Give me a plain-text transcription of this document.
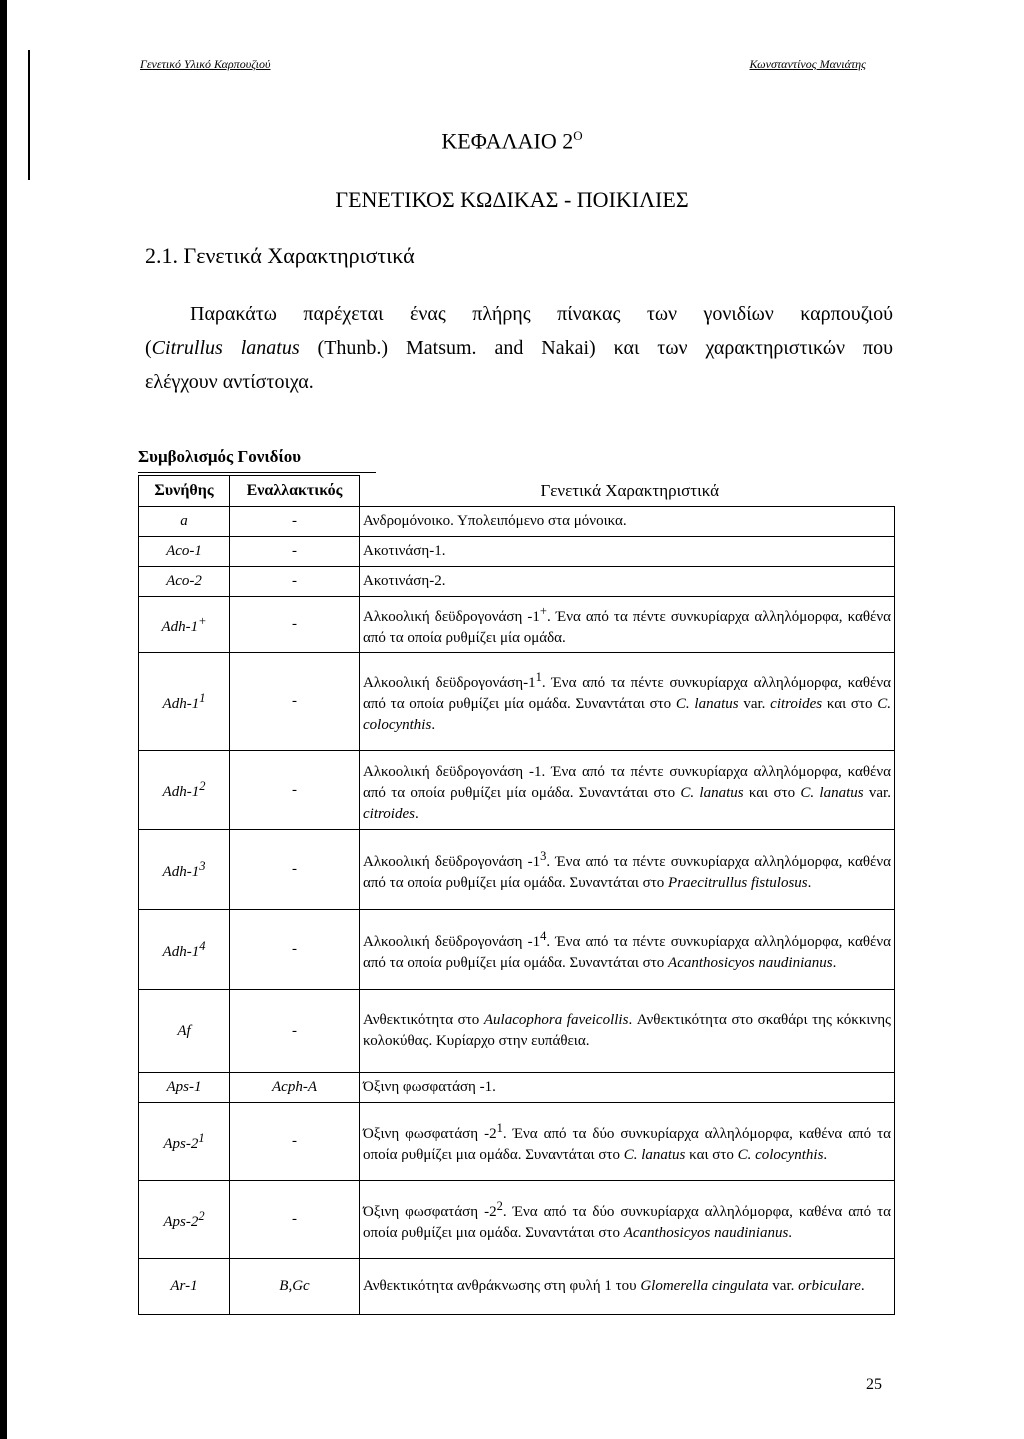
Γενετικό Υλικό Καρπουζιού	Κωνσταντίνος Μανιάτης
ΚΕΦΑΛΑΙΟ $2^O$
ΓΕΝΕΤΙΚΟΣ ΚΩΔΙΚΑΣ - ΠΟΙΚΙΛΙΕΣ
2.1. Γενετικά Χαρακτηριστικά

Παρακάτω παρέχεται ένας πλήρης πίνακας των γονιδίων καρπουζιού

(Citrullus lanatus (Thunb.) Matsum. and Nakai) και των χαρακτηριστικών που

ελέγχουν αντίστοιχα.

Συμβολισμός Γονιδίου
Συνήθης	Εναλλακτικός	Γενετικά Χαρακτηριστικά
a	-	Ανδρομόνοικο. Υπολειπόμενο στα μόνοικα.
Aco-1	-	Ακοτινάση-1.
Aco-2	-	Ακοτινάση-2.
Adh-1+	-	Αλκοολική δεϋδρογονάση -1+. Ένα από τα πέντε συνκυρίαρχα αλληλόμορφα, καθένα από τα οποία ρυθμίζει μία ομάδα.
Adh-$1^1$	-	Αλκοολική δεϋδρογονάση-$1^1$. Ένα από τα πέντε συνκυρίαρχα αλληλόμορφα, καθένα από τα οποία ρυθμίζει μία ομάδα. Συναντάται στο C. lanatus var. citroides και στο C. colocynthis.
Adh-$1^2$	-	Αλκοολική δεϋδρογονάση -1. Ένα από τα πέντε συνκυρίαρχα αλληλόμορφα, καθένα από τα οποία ρυθμίζει μία ομάδα. Συναντάται στο C. lanatus και στο C. lanatus var. citroides.
Adh-$1^3$	-	Αλκοολική δεϋδρογονάση $-1^3$. Ένα από τα πέντε συνκυρίαρχα αλληλόμορφα, καθένα από τα οποία ρυθμίζει μία ομάδα. Συναντάται στο Praecitrullus fistulosus.
Adh-$1^4$	-	Αλκοολική δεϋδρογονάση $-1^4$. Ένα από τα πέντε συνκυρίαρχα αλληλόμορφα, καθένα από τα οποία ρυθμίζει μία ομάδα. Συναντάται στο Acanthosicyos naudinianus.
Af	-	Ανθεκτικότητα στο Aulacophora faveicollis. Ανθεκτικότητα στο σκαθάρι της κόκκινης κολοκύθας. Κυρίαρχο στην ευπάθεια.
Aps-1	Acph-A	Όξινη φωσφατάση -1.
Aps-$2^1$	-	Όξινη φωσφατάση $-2^1$. Ένα από τα δύο συνκυρίαρχα αλληλόμορφα, καθένα από τα οποία ρυθμίζει μια ομάδα. Συναντάται στο C. lanatus και στο C. colocynthis.
Aps-$2^2$	-	Όξινη φωσφατάση $-2^2$. Ένα από τα δύο συνκυρίαρχα αλληλόμορφα, καθένα από τα οποία ρυθμίζει μια ομάδα. Συναντάται στο Acanthosicyos naudinianus.
Ar-1	B,Gc	Ανθεκτικότητα ανθράκνωσης στη φυλή 1 του Glomerella cingulata var. orbiculare.
25
